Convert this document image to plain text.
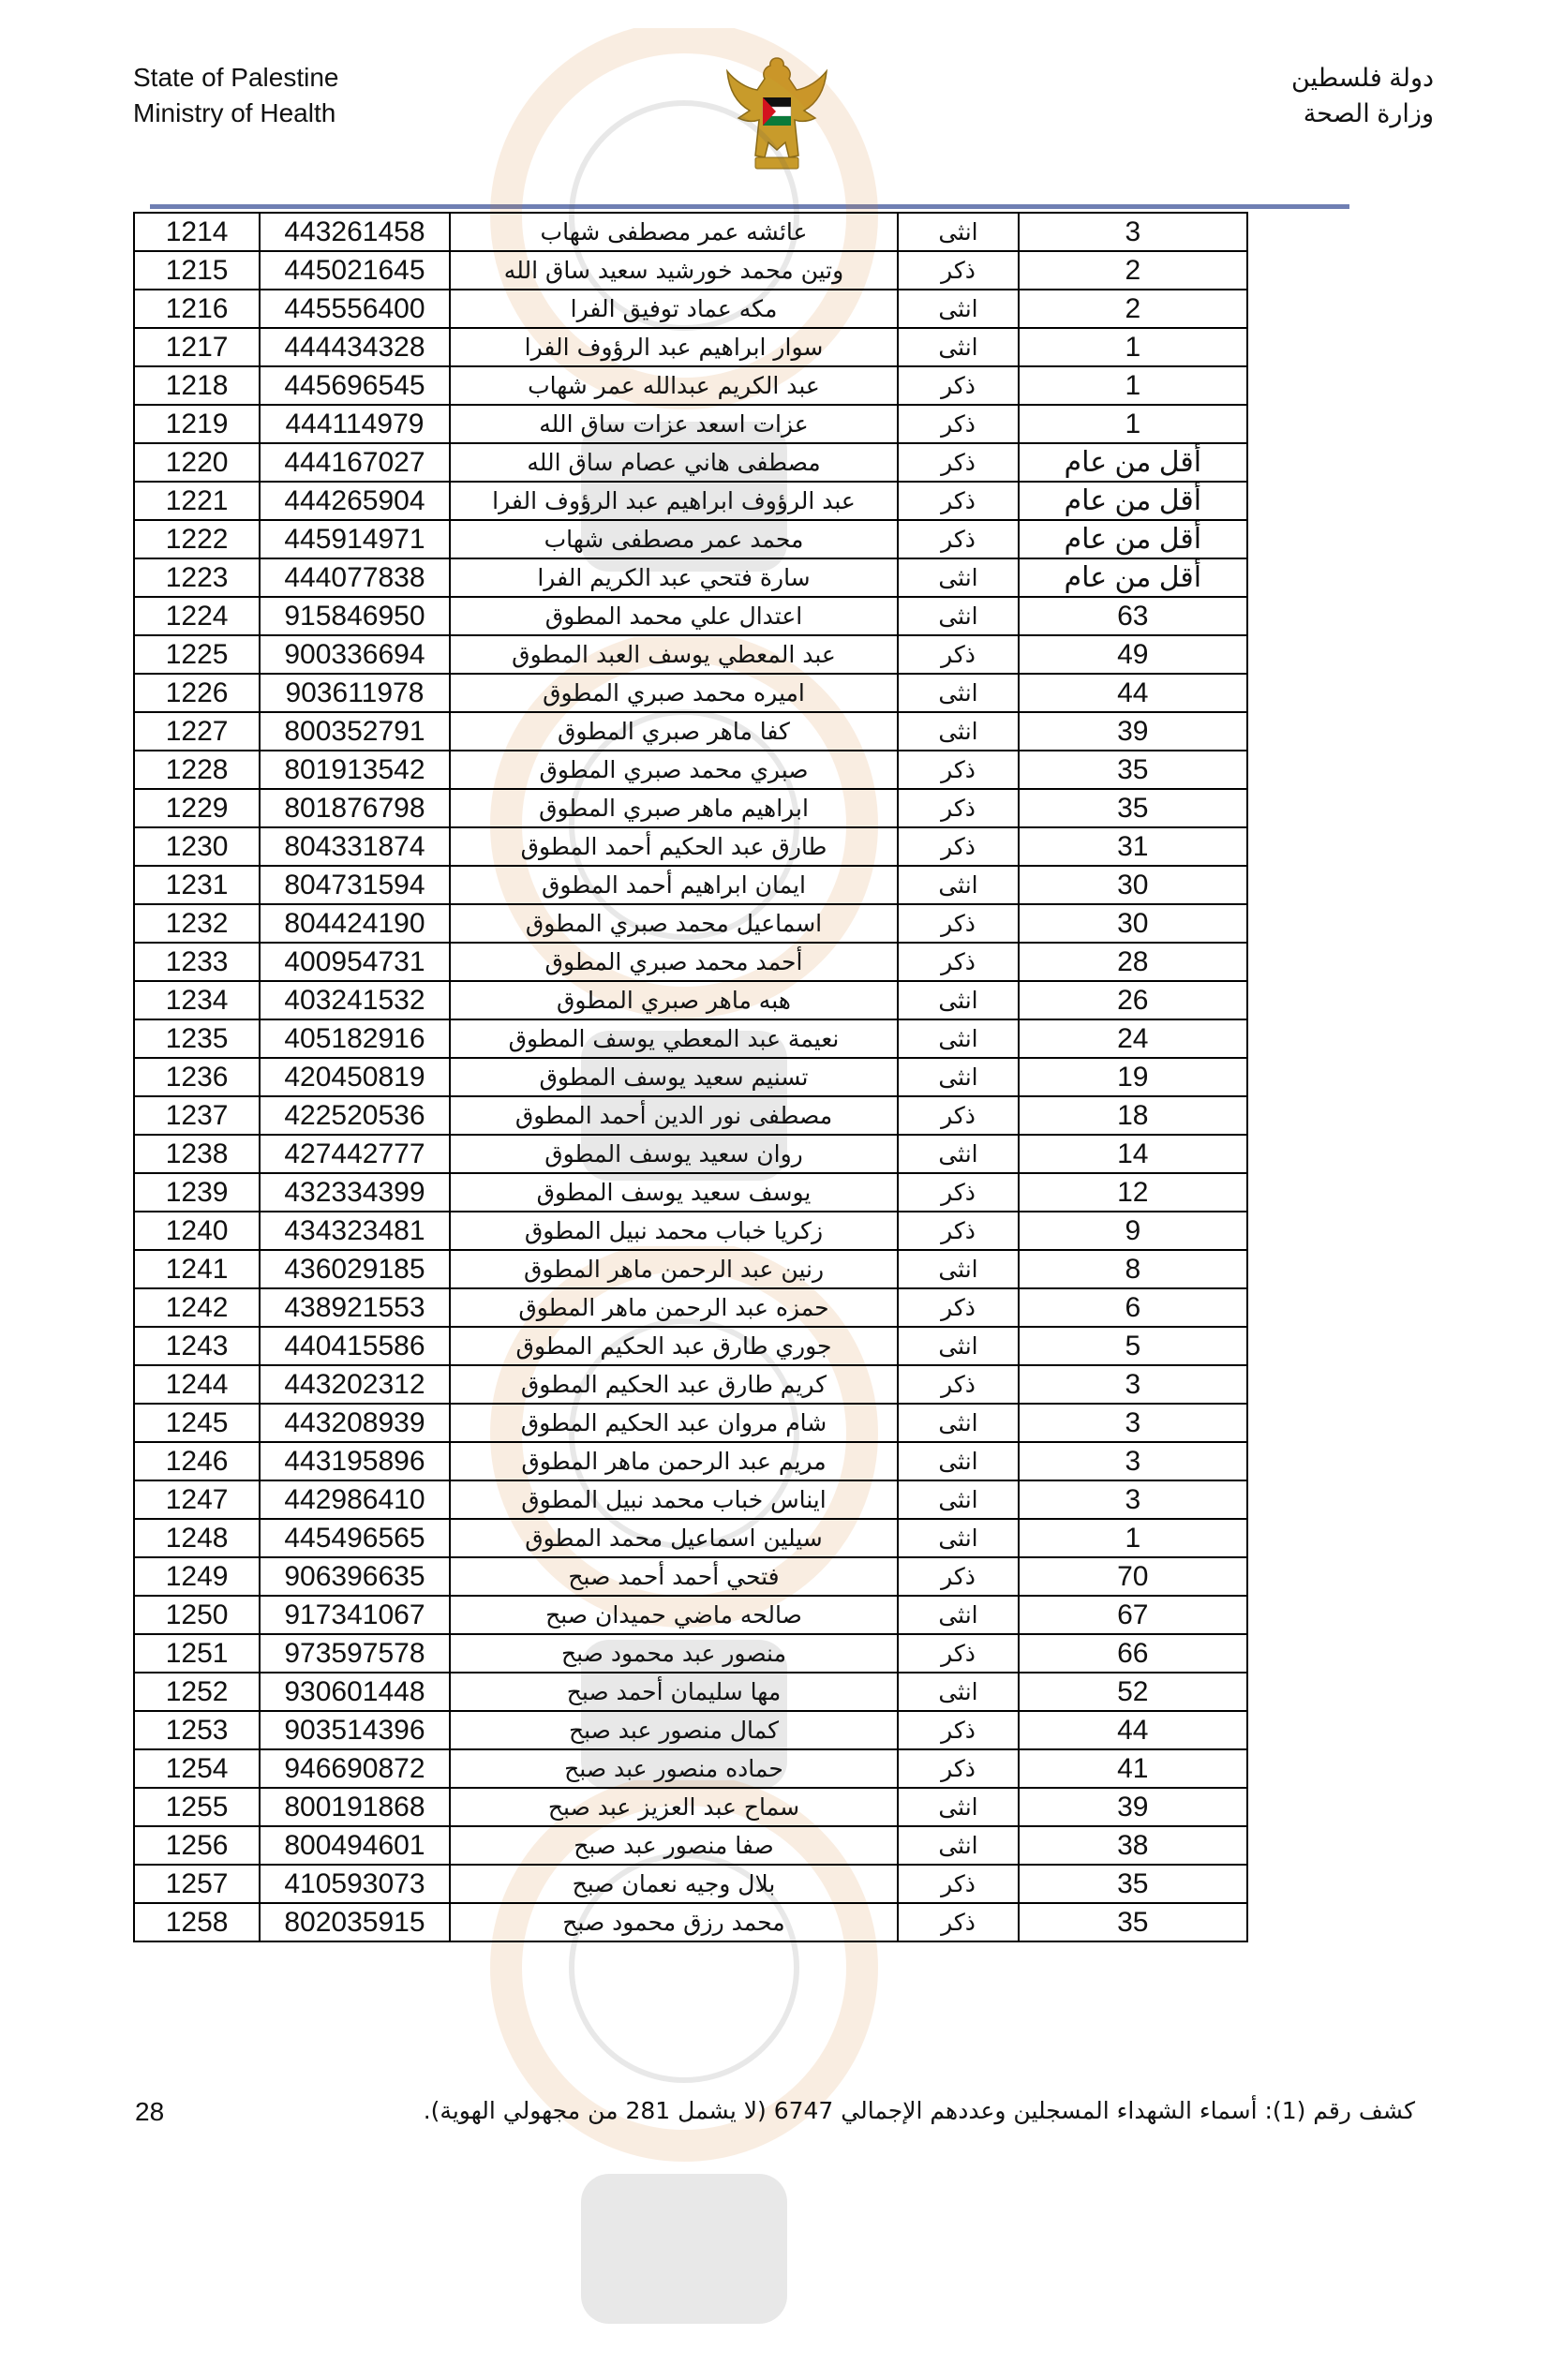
State of Palestine
Ministry of Health
دولة فلسطين
وزارة الصحة
3	انثى	عائشه عمر مصطفى شهاب	443261458	1214
2	ذكر	وتين محمد خورشيد سعيد ساق الله	445021645	1215
2	انثى	مكه عماد توفيق الفرا	445556400	1216
1	انثى	سوار ابراهيم عبد الرؤوف الفرا	444434328	1217
1	ذكر	عبد الكريم عبدالله عمر شهاب	445696545	1218
1	ذكر	عزات اسعد عزات ساق الله	444114979	1219
أقل من عام	ذكر	مصطفى هاني عصام ساق الله	444167027	1220
أقل من عام	ذكر	عبد الرؤوف ابراهيم عبد الرؤوف الفرا	444265904	1221
أقل من عام	ذكر	محمد عمر مصطفى شهاب	445914971	1222
أقل من عام	انثى	سارة فتحي عبد الكريم الفرا	444077838	1223
63	انثى	اعتدال علي محمد المطوق	915846950	1224
49	ذكر	عبد المعطي يوسف العبد المطوق	900336694	1225
44	انثى	اميره محمد صبري المطوق	903611978	1226
39	انثى	كفا ماهر صبري المطوق	800352791	1227
35	ذكر	صبري محمد صبري المطوق	801913542	1228
35	ذكر	ابراهيم ماهر صبري المطوق	801876798	1229
31	ذكر	طارق عبد الحكيم أحمد المطوق	804331874	1230
30	انثى	ايمان ابراهيم أحمد المطوق	804731594	1231
30	ذكر	اسماعيل محمد صبري المطوق	804424190	1232
28	ذكر	أحمد محمد صبري المطوق	400954731	1233
26	انثى	هبه ماهر صبري المطوق	403241532	1234
24	انثى	نعيمة عبد المعطي يوسف المطوق	405182916	1235
19	انثى	تسنيم سعيد يوسف المطوق	420450819	1236
18	ذكر	مصطفى نور الدين أحمد المطوق	422520536	1237
14	انثى	روان سعيد يوسف المطوق	427442777	1238
12	ذكر	يوسف سعيد يوسف المطوق	432334399	1239
9	ذكر	زكريا خباب محمد نبيل المطوق	434323481	1240
8	انثى	رنين عبد الرحمن ماهر المطوق	436029185	1241
6	ذكر	حمزه عبد الرحمن ماهر المطوق	438921553	1242
5	انثى	جوري طارق عبد الحكيم المطوق	440415586	1243
3	ذكر	كريم طارق عبد الحكيم المطوق	443202312	1244
3	انثى	شام مروان عبد الحكيم المطوق	443208939	1245
3	انثى	مريم عبد الرحمن ماهر المطوق	443195896	1246
3	انثى	ايناس خباب محمد نبيل المطوق	442986410	1247
1	انثى	سيلين اسماعيل محمد المطوق	445496565	1248
70	ذكر	فتحي أحمد أحمد صبح	906396635	1249
67	انثى	صالحه ماضي حميدان صبح	917341067	1250
66	ذكر	منصور عبد محمود صبح	973597578	1251
52	انثى	مها سليمان أحمد صبح	930601448	1252
44	ذكر	كمال منصور عبد صبح	903514396	1253
41	ذكر	حماده منصور عبد صبح	946690872	1254
39	انثى	سماح عبد العزيز عبد صبح	800191868	1255
38	انثى	صفا منصور عبد صبح	800494601	1256
35	ذكر	بلال وجيه نعمان صبح	410593073	1257
35	ذكر	محمد رزق محمود صبح	802035915	1258
28	كشف رقم (1): أسماء الشهداء المسجلين وعددهم الإجمالي 6747 (لا يشمل 281 من مجهولي الهوية).
